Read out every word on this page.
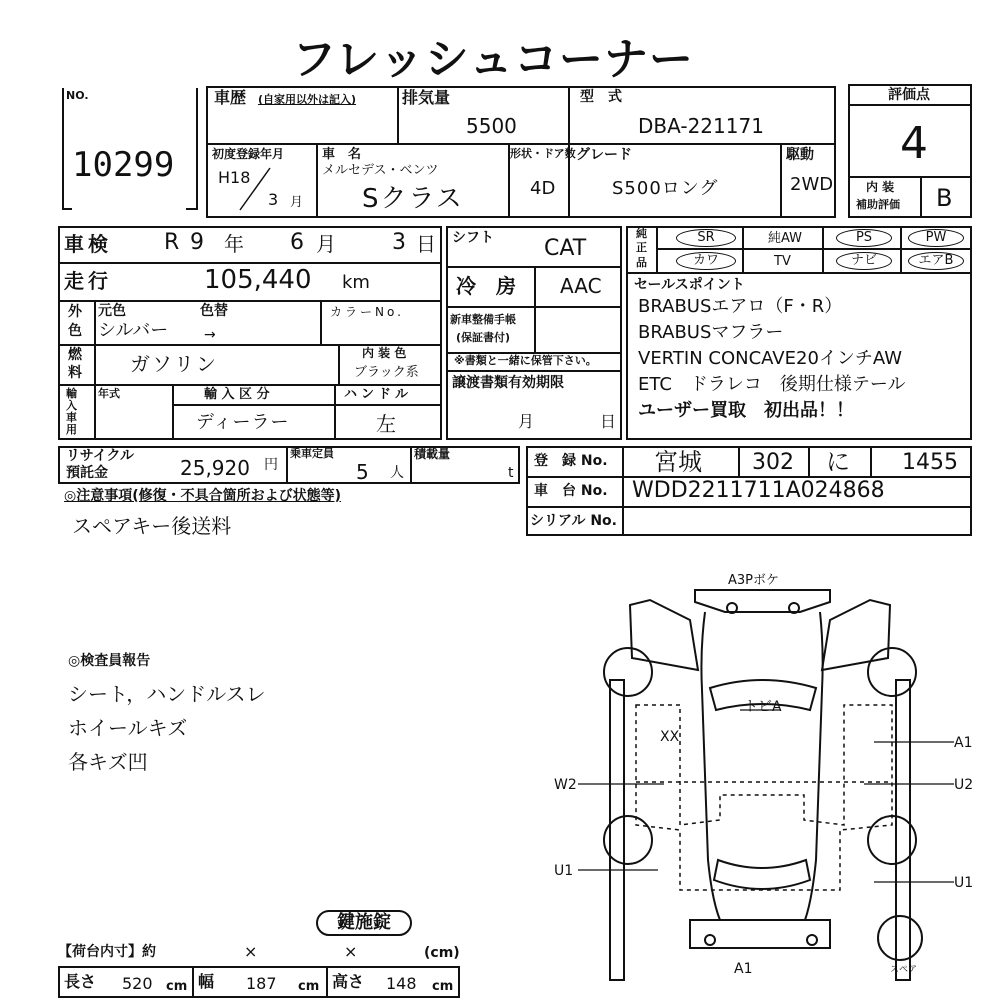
フレッシュコーナー
NO.
10299
車歴 (自家用以外は記入)	排気量
5500
型　式
DBA-221171
初度登録年月
H18
3 月
車　名
メルセデス・ベンツ
Sクラス
形状・ドア数
4D
グレード
S500ロング
駆動
2WD
評価点
4
内 装
補助評価 B
車検 R 9 年 6 月	3 日
走行	105,440 km
外
色
元色	色替	カラーNo.
シルバー	→
燃
料 ガソリン	内 装 色
ブラック系
輸入車用
年式	輸 入 区 分
ディーラー
ハンドル
左
リサイクル
預託金	25,920 円
乗車定員
5 人
積載量
t
◎注意事項(修復・不具合箇所および状態等)
スペアキー後送料
シフト CAT
冷　房 AAC
新車整備手帳
(保証書付)
※書類と一緒に保管下さい。
譲渡書類有効期限
月	日
純
正
品
SR	純AW	PS	PW
カワ	TV	ナビ	エアB
セールスポイント
BRABUSエアロ（F・R）
BRABUSマフラー
VERTIN CONCAVE20インチAW
ETC　ドラレコ　後期仕様テール
ユーザー買取　初出品！！
登　録 No. 宮城 302 に 1455
車　台 No. WDD2211711A024868
シリアル No.
◎検査員報告
シート，ハンドルスレ
ホイールキズ
各キズ凹
鍵施錠
【荷台内寸】約	×	×	(cm)
長さ 520 cm 幅 187 cm 高さ 148 cm
A3Pボケ
トビA
XX	A1
W2	U2
U1
U1
A1	スペア
